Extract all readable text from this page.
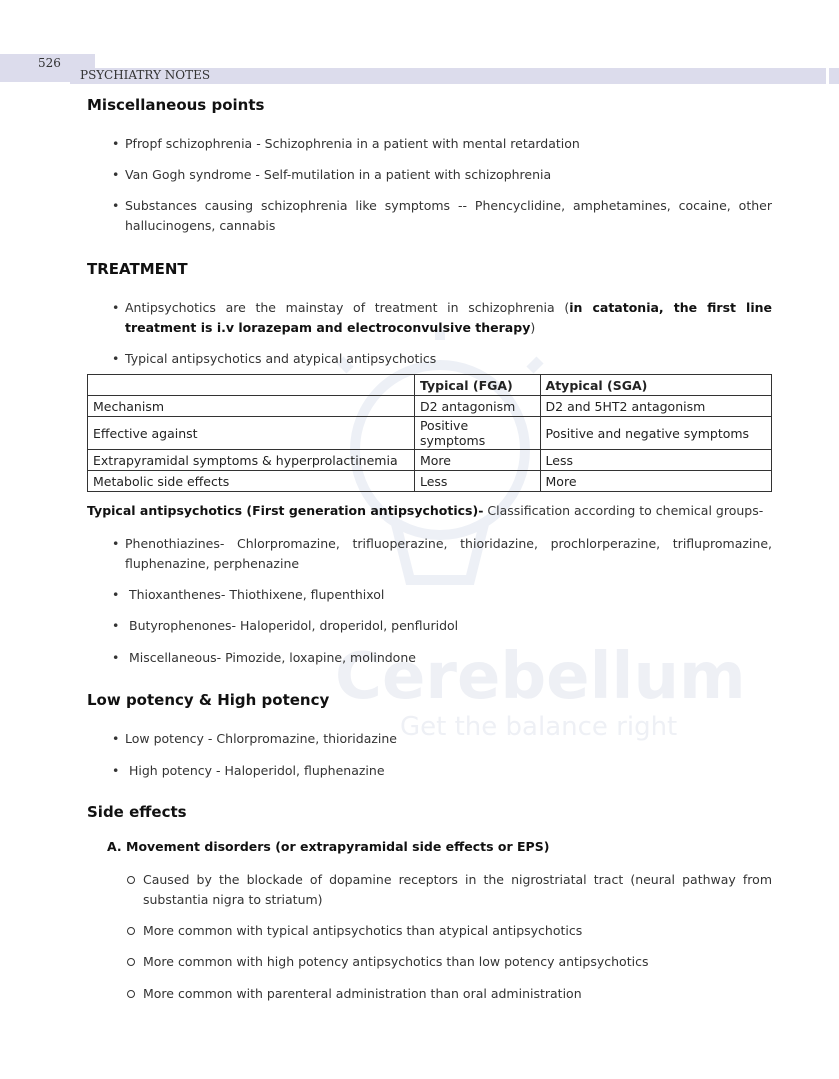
526
PSYCHIATRY NOTES
Cerebellum
Get the balance right
Miscellaneous points
• Pfropf schizophrenia - Schizophrenia in a patient with mental retardation
• Van Gogh syndrome - Self-mutilation in a patient with schizophrenia
• Substances causing schizophrenia like symptoms -- Phencyclidine, amphetamines, cocaine, other hallucinogens, cannabis
TREATMENT
• Antipsychotics are the mainstay of treatment in schizophrenia (in catatonia, the first line treatment is i.v lorazepam and electroconvulsive therapy)
• Typical antipsychotics and atypical antipsychotics
	Typical (FGA)	Atypical (SGA)
Mechanism	D2 antagonism	D2 and 5HT2 antagonism
Effective against	Positive symptoms	Positive and negative symptoms
Extrapyramidal symptoms & hyperprolactinemia	More	Less
Metabolic side effects	Less	More
Typical antipsychotics (First generation antipsychotics)- Classification according to chemical groups-
• Phenothiazines- Chlorpromazine, trifluoperazine, thioridazine, prochlorperazine, triflupromazine, fluphenazine, perphenazine
• Thioxanthenes- Thiothixene, flupenthixol
• Butyrophenones- Haloperidol, droperidol, penfluridol
• Miscellaneous- Pimozide, loxapine, molindone
Low potency & High potency
• Low potency - Chlorpromazine, thioridazine
• High potency - Haloperidol, fluphenazine
Side effects
A. Movement disorders (or extrapyramidal side effects or EPS)
Caused by the blockade of dopamine receptors in the nigrostriatal tract (neural pathway from substantia nigra to striatum)
More common with typical antipsychotics than atypical antipsychotics
More common with high potency antipsychotics than low potency antipsychotics
More common with parenteral administration than oral administration
